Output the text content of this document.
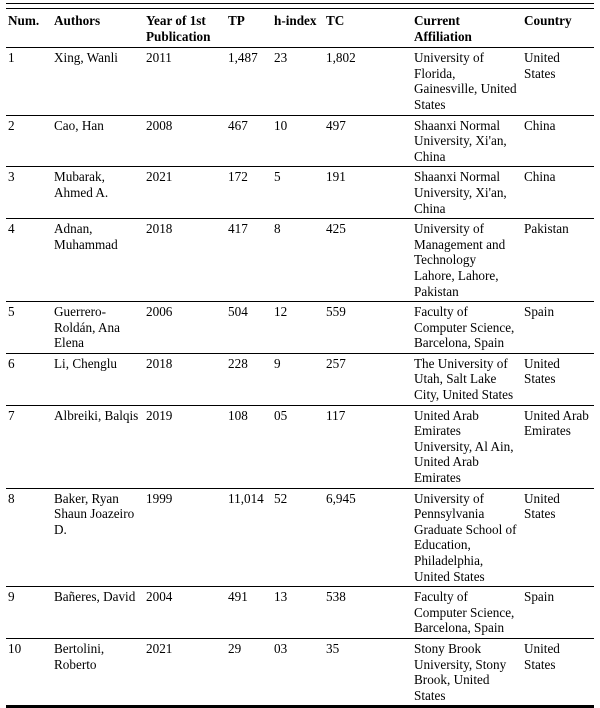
Num.	Authors	Year of 1st Publication	TP	h-index	TC	Current Affiliation	Country

1	Xing, Wanli	2011	1,487	23	1,802	University of Florida, Gainesville, United States	United States

2	Cao, Han	2008	467	10	497	Shaanxi Normal University, Xi'an, China	China

3	Mubarak, Ahmed A.	2021	172	5	191	Shaanxi Normal University, Xi'an, China	China

4	Adnan, Muhammad	2018	417	8	425	University of Management and Technology Lahore, Lahore, Pakistan	Pakistan

5	Guerrero-Roldán, Ana Elena	2006	504	12	559	Faculty of Computer Science, Barcelona, Spain	Spain

6	Li, Chenglu	2018	228	9	257	The University of Utah, Salt Lake City, United States	United States

7	Albreiki, Balqis	2019	108	05	117	United Arab Emirates University, Al Ain, United Arab Emirates	United Arab Emirates

8	Baker, Ryan Shaun Joazeiro D.	1999	11,014	52	6,945	University of Pennsylvania Graduate School of Education, Philadelphia, United States	United States

9	Bañeres, David	2004	491	13	538	Faculty of Computer Science, Barcelona, Spain	Spain

10	Bertolini, Roberto	2021	29	03	35	Stony Brook University, Stony Brook, United States	United States
